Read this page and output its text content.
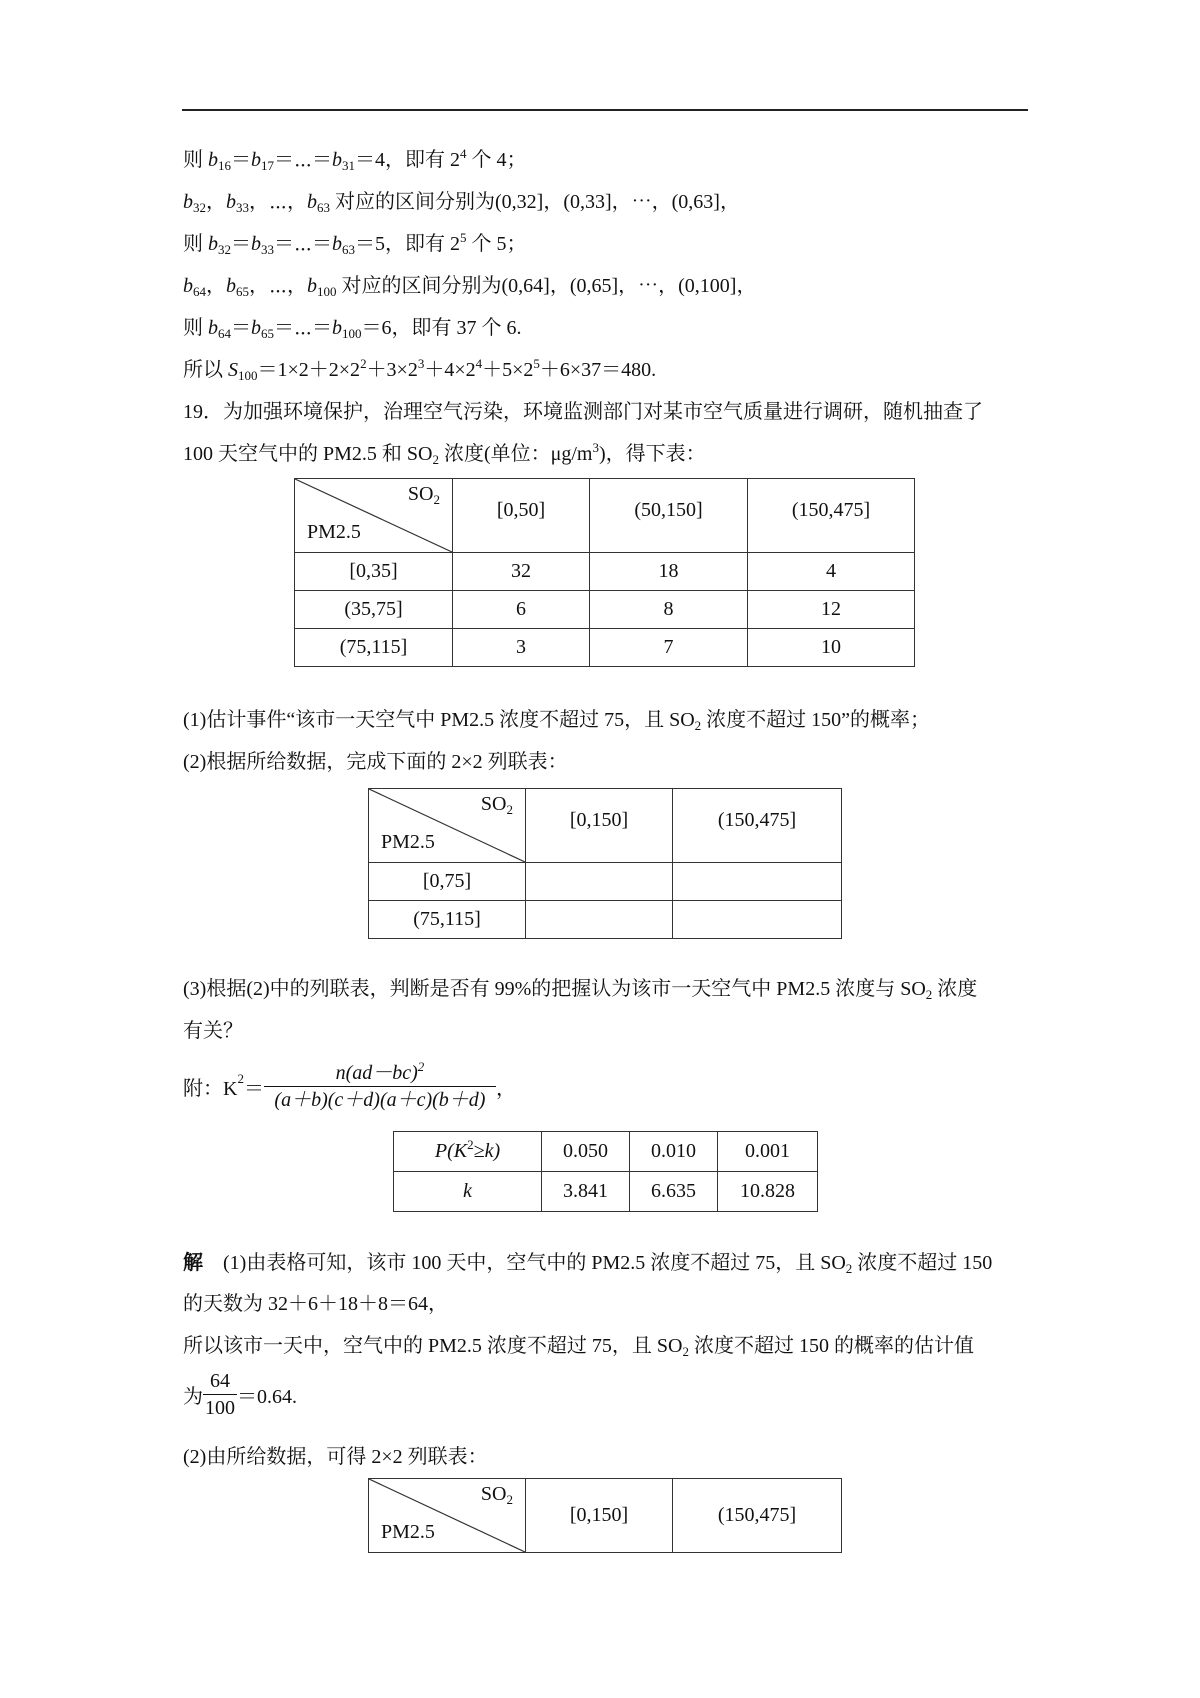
则 $b_{16}=b_{17}=\cdots=b_{31}=4$，即有 $2^4$ 个 4；
$b_{32}$，$b_{33}$，⋯，$b_{63}$ 对应的区间分别为(0,32]，(0,33]，⋯，(0,63]，
则 $b_{32}=b_{33}=\cdots=b_{63}=5$，即有 $2^5$ 个 5；
$b_{64}$，$b_{65}$，⋯，$b_{100}$ 对应的区间分别为(0,64]，(0,65]，⋯，(0,100]，
则 $b_{64}=b_{65}=\cdots=b_{100}=6$，即有 37 个 6.
所以 $S_{100}=1\times 2+2\times 2^2+3\times 2^3+4\times 2^4+5\times 2^5+6\times 37=480$.
19．为加强环境保护，治理空气污染，环境监测部门对某市空气质量进行调研，随机抽查了
100 天空气中的 PM2.5 和 $SO_2$ 浓度(单位：$\mu g/m^3$)，得下表：
$SO_2$
PM2.5	[0,50]	(50,150]	(150,475]

[0,35]	32	18	4
(35,75]	6	8	12
(75,115]	3	7	10
(1)估计事件“该市一天空气中 PM2.5 浓度不超过 75，且 $SO_2$ 浓度不超过 150”的概率；
(2)根据所给数据，完成下面的 2×2 列联表：
$SO_2$
PM2.5	[0,150]	(150,475]

[0,75]		
(75,115]		
(3)根据(2)中的列联表，判断是否有 99%的把握认为该市一天空气中 PM2.5 浓度与 $SO_2$ 浓度
有关？
附：$K^2= \frac{n(ad-bc)^2}{(a+b)(c+d)(a+c)(b+d)}$ ，
$P(K^2\ge k)$	0.050	0.010	0.001
k	3.841	6.635	10.828
解　(1)由表格可知，该市 100 天中，空气中的 PM2.5 浓度不超过 75，且 $SO_2$ 浓度不超过 150
的天数为 32＋6＋18＋8＝64，
所以该市一天中，空气中的 PM2.5 浓度不超过 75，且 $SO_2$ 浓度不超过 150 的概率的估计值
为 $\frac{64}{100} =0.64$.
(2)由所给数据，可得 2×2 列联表：
$SO_2$
PM2.5
	[0,150]	(150,475]
